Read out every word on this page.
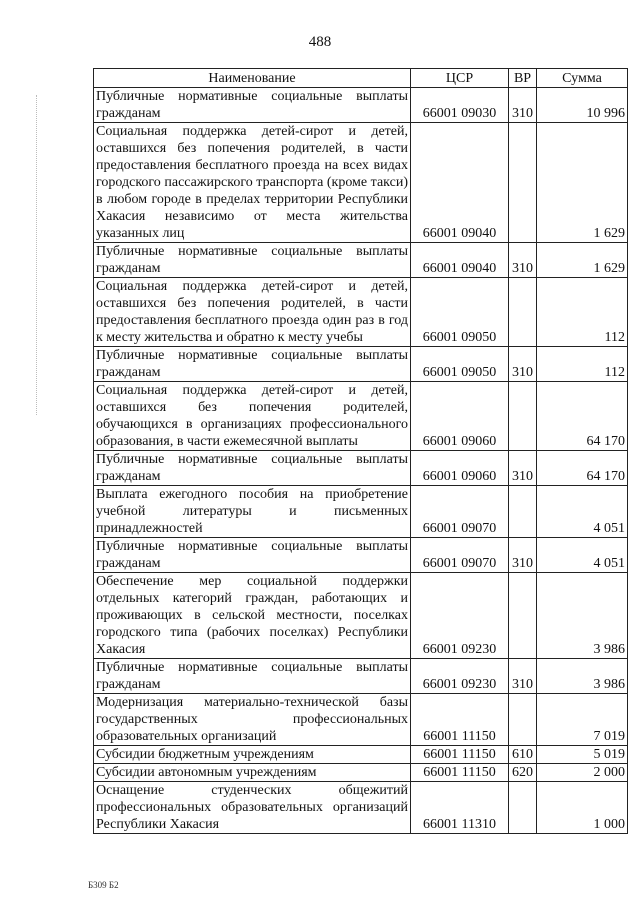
488
Наименование	ЦСР	ВР	Сумма
Публичные нормативные социальные выплаты гражданам	66001 09030	310	10 996
Социальная поддержка детей-сирот и детей, оставшихся без попечения родителей, в части предоставления бесплатного проезда на всех видах городского пассажирского транспорта (кроме такси) в любом городе в пределах территории Республики Хакасия независимо от места жительства указанных лиц	66001 09040		1 629
Публичные нормативные социальные выплаты гражданам	66001 09040	310	1 629
Социальная поддержка детей-сирот и детей, оставшихся без попечения родителей, в части предоставления бесплатного проезда один раз в год к месту жительства и обратно к месту учебы	66001 09050		112
Публичные нормативные социальные выплаты гражданам	66001 09050	310	112
Социальная поддержка детей-сирот и детей, оставшихся без попечения родителей, обучающихся в организациях профессионального образования, в части ежемесячной выплаты	66001 09060		64 170
Публичные нормативные социальные выплаты гражданам	66001 09060	310	64 170
Выплата ежегодного пособия на приобретение учебной литературы и письменных принадлежностей	66001 09070		4 051
Публичные нормативные социальные выплаты гражданам	66001 09070	310	4 051
Обеспечение мер социальной поддержки отдельных категорий граждан, работающих и проживающих в сельской местности, поселках городского типа (рабочих поселках) Республики Хакасия	66001 09230		3 986
Публичные нормативные социальные выплаты гражданам	66001 09230	310	3 986
Модернизация материально-технической базы государственных профессиональных образовательных организаций	66001 11150		7 019
Субсидии бюджетным учреждениям	66001 11150	610	5 019
Субсидии автономным учреждениям	66001 11150	620	2 000
Оснащение студенческих общежитий профессиональных образовательных организаций Республики Хакасия	66001 11310		1 000
Б309 Б2
